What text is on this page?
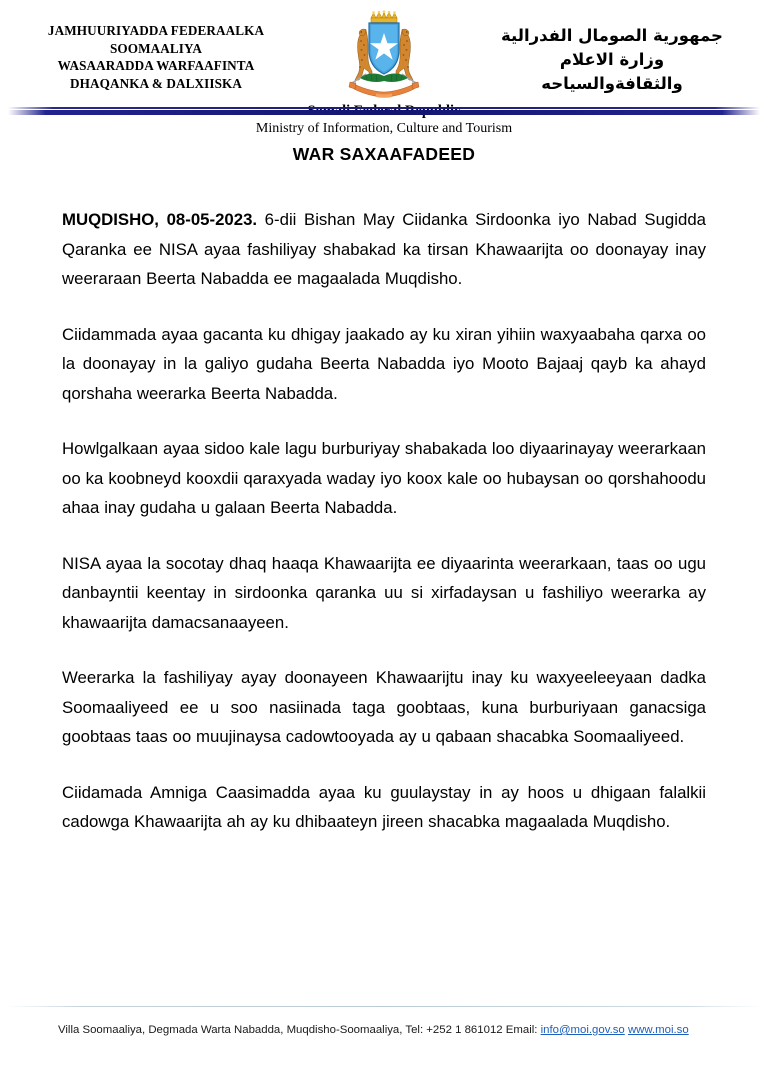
JAMHUURIYADDA FEDERAALKA
SOOMAALIYA
WASAARADDA WARFAAFINTA
DHAQANKA & DALXIISKA
Ministry of Information, Culture and Tourism
جمهورية الصومال الفدرالية
وزارة الاعلام
والثقافةوالسياحه
WAR SAXAAFADEED

MUQDISHO, 08-05-2023. 6-dii Bishan May Ciidanka Sirdoonka iyo Nabad Sugidda Qaranka ee NISA ayaa fashiliyay shabakad ka tirsan Khawaarijta oo doonayay inay weeraraan Beerta Nabadda ee magaalada Muqdisho.

Ciidammada ayaa gacanta ku dhigay jaakado ay ku xiran yihiin waxyaabaha qarxa oo la doonayay in la galiyo gudaha Beerta Nabadda iyo Mooto Bajaaj qayb ka ahayd qorshaha weerarka Beerta Nabadda.

Howlgalkaan ayaa sidoo kale lagu burburiyay shabakada loo diyaarinayay weerarkaan oo ka koobneyd kooxdii qaraxyada waday iyo koox kale oo hubaysan oo qorshahoodu ahaa inay gudaha u galaan Beerta Nabadda.

NISA ayaa la socotay dhaq haaqa Khawaarijta ee diyaarinta weerarkaan, taas oo ugu danbayntii keentay in sirdoonka qaranka uu si xirfadaysan u fashiliyo weerarka ay khawaarijta damacsanaayeen.

Weerarka la fashiliyay ayay doonayeen Khawaarijtu inay ku waxyeeleeyaan dadka Soomaaliyeed ee u soo nasiinada taga goobtaas, kuna burburiyaan ganacsiga goobtaas taas oo muujinaysa cadowtooyada ay u qabaan shacabka Soomaaliyeed.

Ciidamada Amniga Caasimadda ayaa ku guulaystay in ay hoos u dhigaan falalkii cadowga Khawaarijta ah ay ku dhibaateyn jireen shacabka magaalada Muqdisho.

Villa Soomaaliya, Degmada Warta Nabadda, Muqdisho-Soomaaliya, Tel: +252 1 861012 Email: info@moi.gov.so www.moi.so
